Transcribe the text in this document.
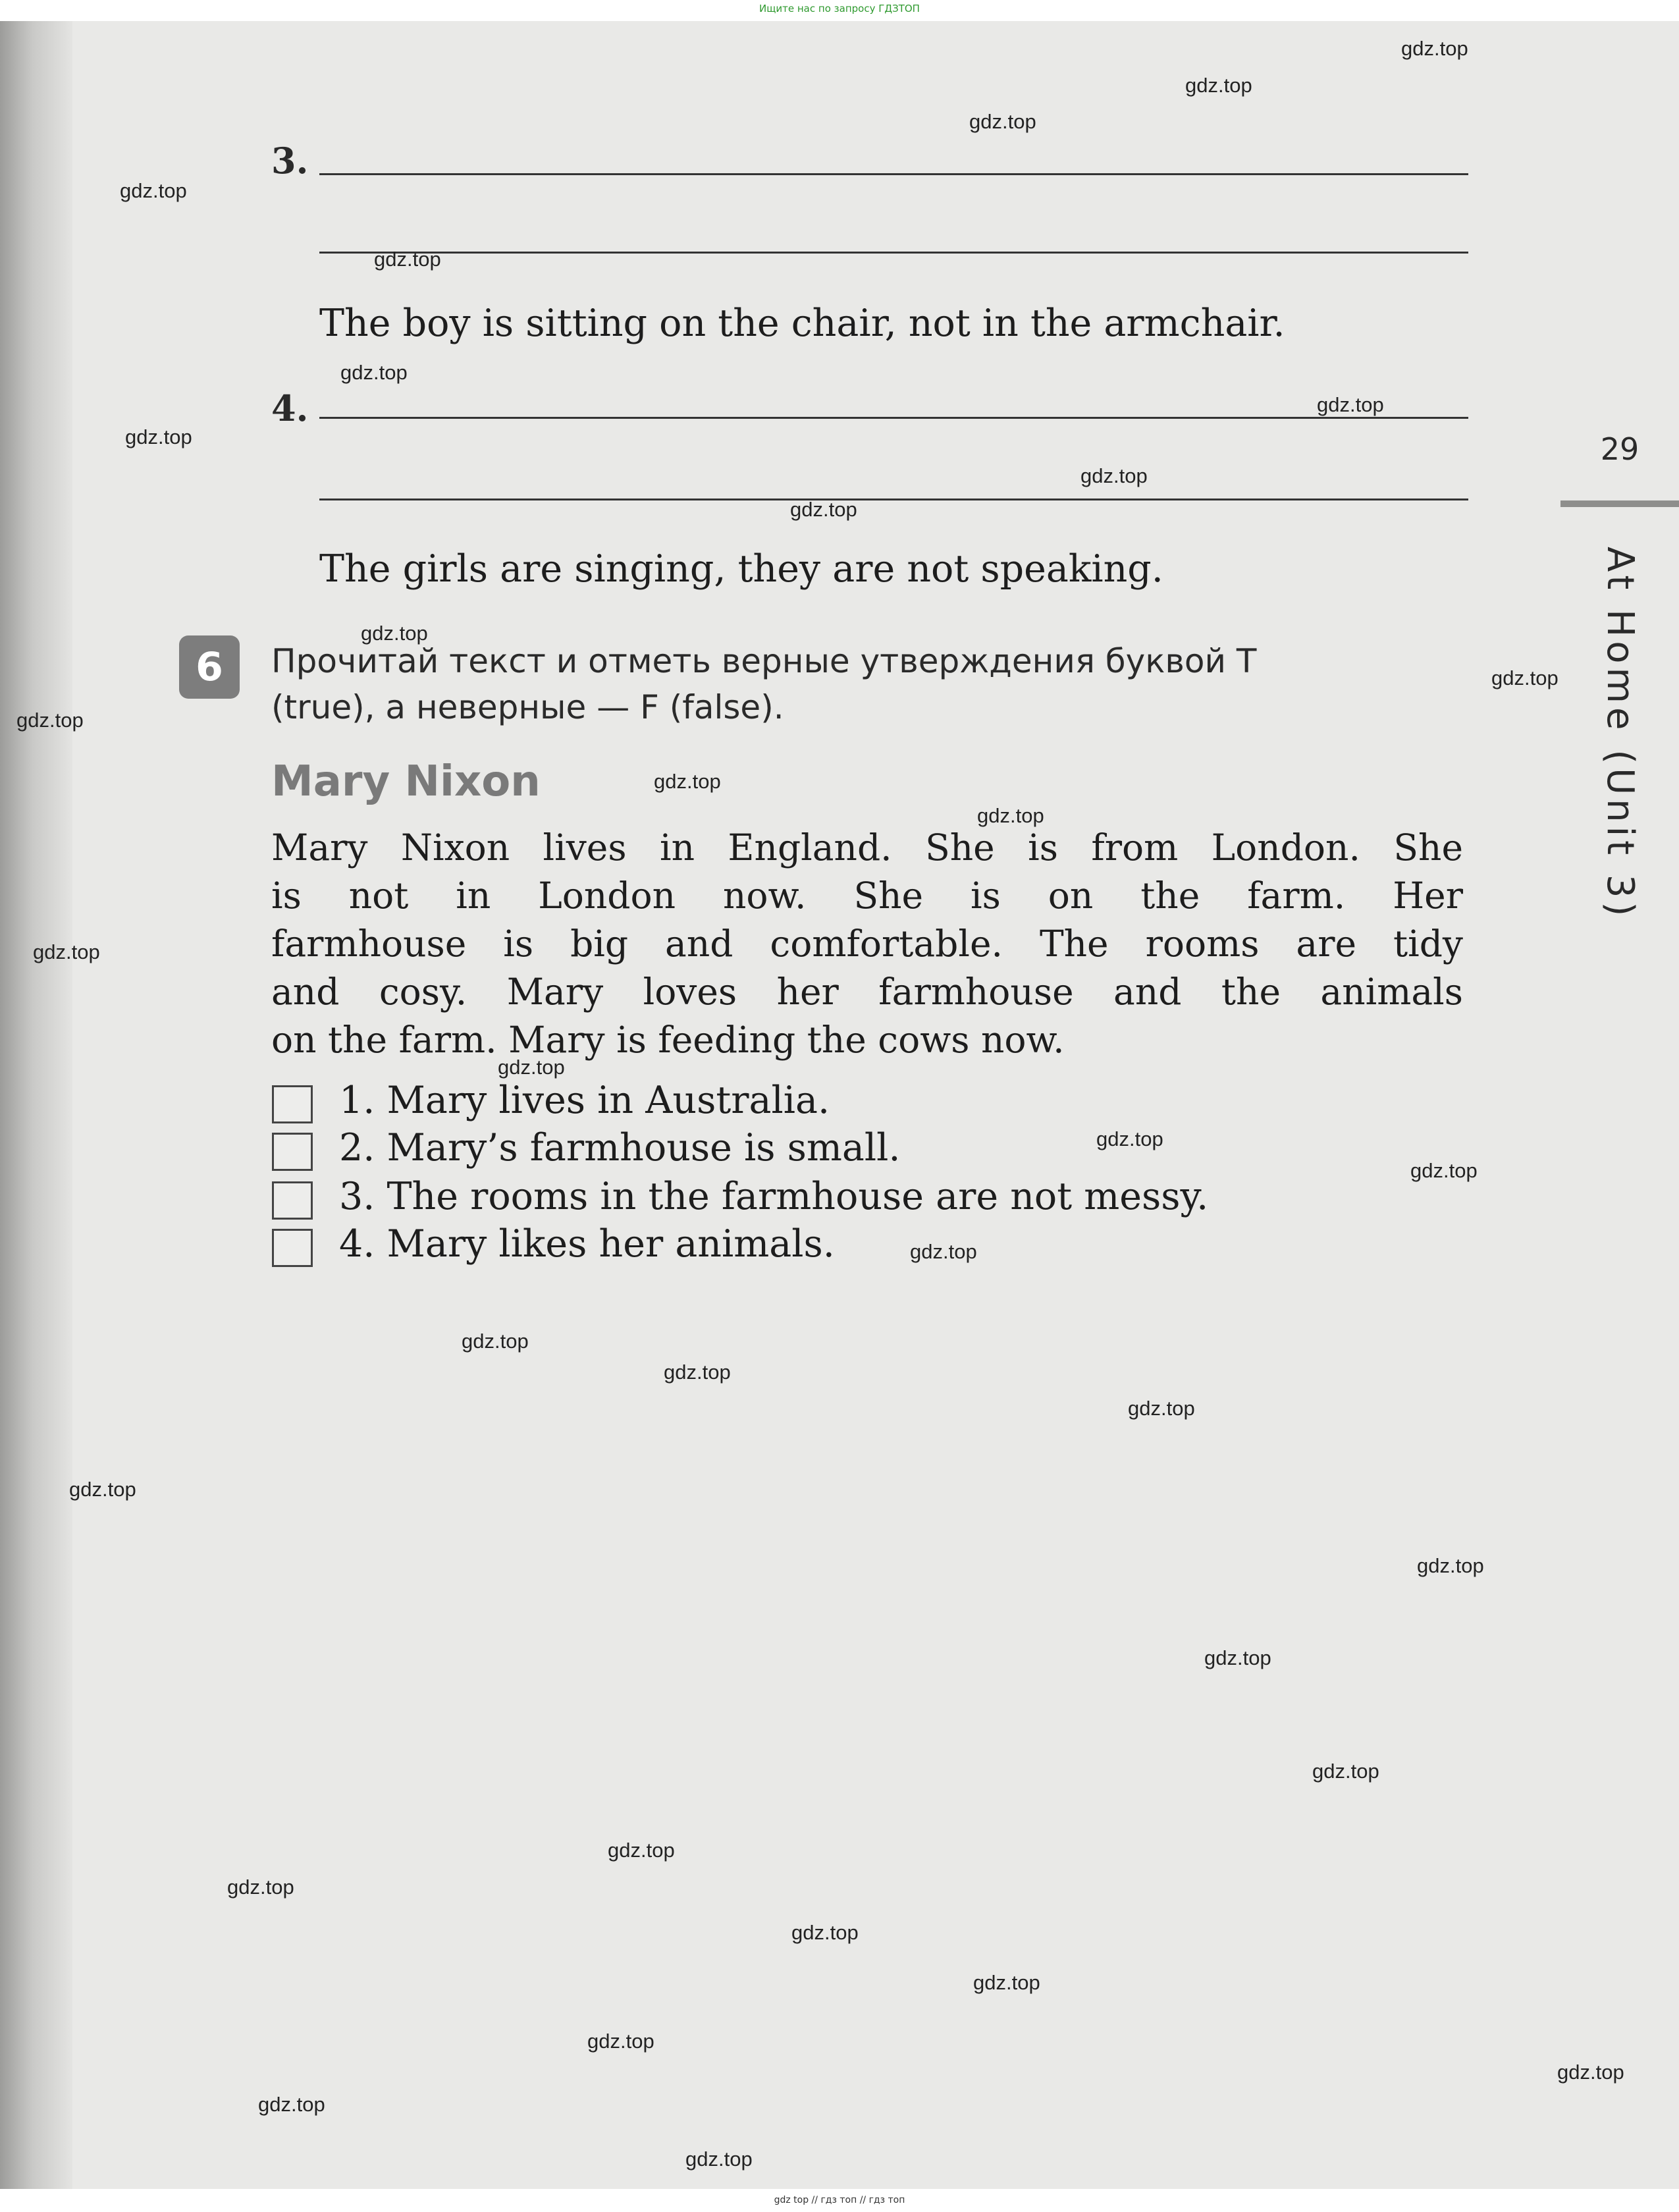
Ищите нас по запросу ГДЗТОП
3.
The boy is sitting on the chair, not in the armchair.
4.
The girls are singing, they are not speaking.
29
At Home (Unit 3)
6	Прочитай текст и отметь верные утверждения буквой T
(true), а неверные — F (false).
Mary Nixon
Mary Nixon lives in England. She is from London. She
is not in London now. She is on the farm. Her
farmhouse is big and comfortable. The rooms are tidy
and cosy. Mary loves her farmhouse and the animals
on the farm. Mary is feeding the cows now.
1. Mary lives in Australia.
2. Mary’s farmhouse is small.
3. The rooms in the farmhouse are not messy.
4. Mary likes her animals.
gdz.top
gdz.top
gdz.top
gdz.top
gdz.top
gdz.top
gdz.top
gdz.top
gdz.top
gdz.top
gdz.top
gdz.top
gdz.top
gdz.top
gdz.top
gdz.top
gdz.top
gdz.top
gdz.top
gdz.top
gdz.top
gdz.top
gdz.top
gdz.top
gdz.top
gdz.top
gdz.top
gdz.top
gdz.top
gdz.top
gdz.top
gdz.top
gdz.top
gdz.top
gdz.top
gdz top // гдз топ // гдз топ
